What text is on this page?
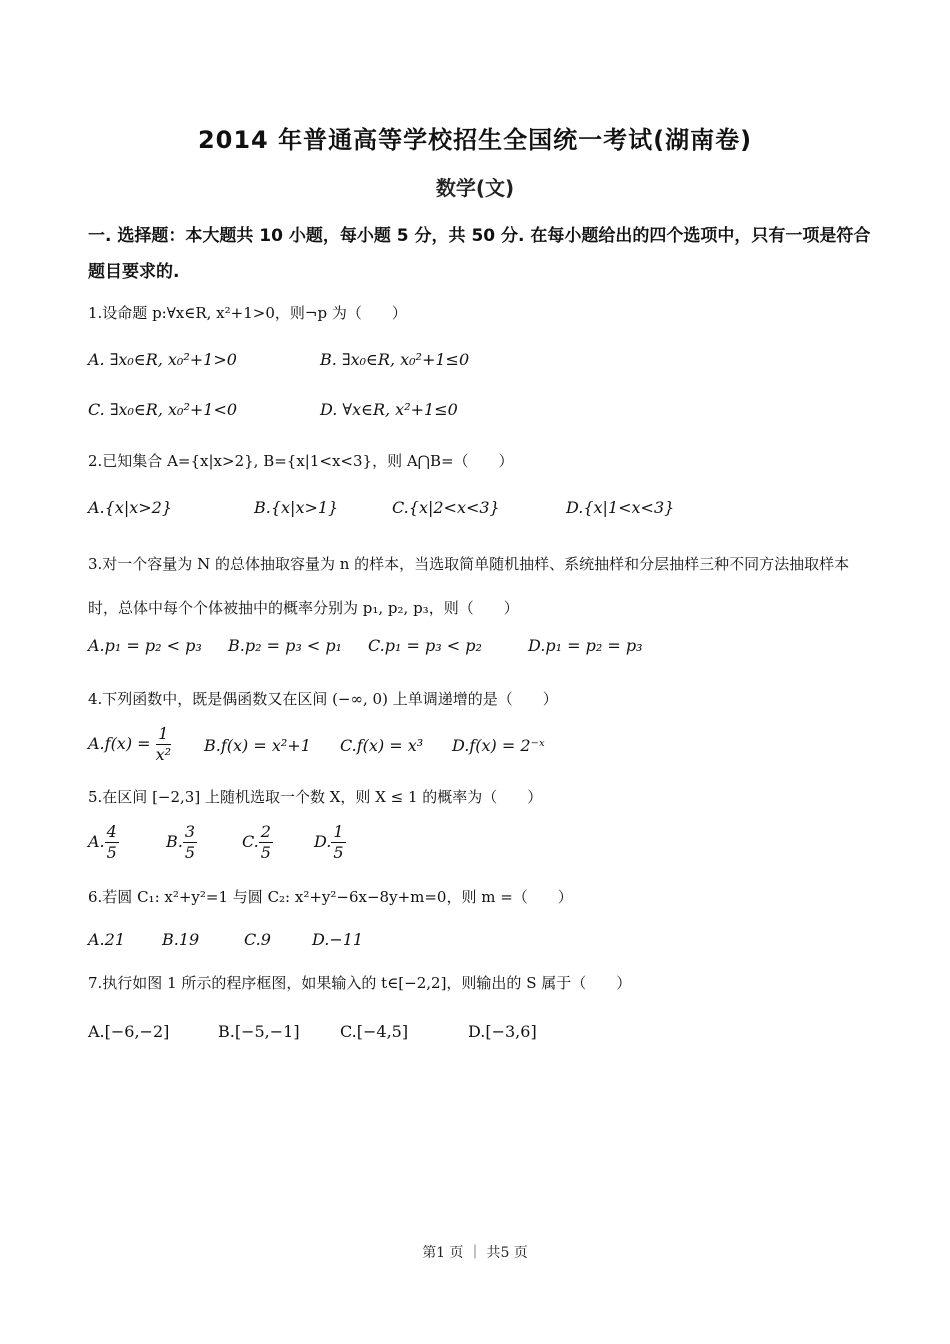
2014 年普通高等学校招生全国统一考试(湖南卷)
数学(文)
一. 选择题：本大题共 10 小题，每小题 5 分，共 50 分. 在每小题给出的四个选项中，只有一项是符合题目要求的.
1.设命题 p:∀x∈R, x²+1>0，则¬p 为（　　）
A. ∃x₀∈R, x₀²+1>0	B. ∃x₀∈R, x₀²+1≤0
C. ∃x₀∈R, x₀²+1<0	D. ∀x∈R, x²+1≤0
2.已知集合 A={x|x>2}, B={x|1<x<3}，则 A⋂B=（　　）
A.{x|x>2}	B.{x|x>1}	C.{x|2<x<3}	D.{x|1<x<3}
3.对一个容量为 N 的总体抽取容量为 n 的样本，当选取简单随机抽样、系统抽样和分层抽样三种不同方法抽取样本时，总体中每个个体被抽中的概率分别为 p₁, p₂, p₃，则（　　）
A.p₁ = p₂ < p₃ B.p₂ = p₃ < p₁ C.p₁ = p₃ < p₂	D.p₁ = p₂ = p₃
4.下列函数中，既是偶函数又在区间 (−∞, 0) 上单调递增的是（　　）
$A.f(x) = \frac{1}{\text{x²}} B.f(x) = x^2+1$ C.f(x) = x³ D.f(x) = 2⁻ˣ
5.在区间 [−2,3] 上随机选取一个数 X，则 X ≤ 1 的概率为（　　）
A. $\frac{4}{5}$	B. $\frac{3}{5}$	C. $\frac{2}{5}$	D. $\frac{1}{5}$
6.若圆 C₁: x²+y²=1 与圆 C₂: x²+y²−6x−8y+m=0，则 m =（　　）
A.21 B.19	C.9	D.−11
7.执行如图 1 所示的程序框图，如果输入的 t∈[−2,2]，则输出的 S 属于（　　）
A.[−6,−2]	B.[−5,−1]	C.[−4,5]	D.[−3,6]
第1 页 ｜ 共5 页
